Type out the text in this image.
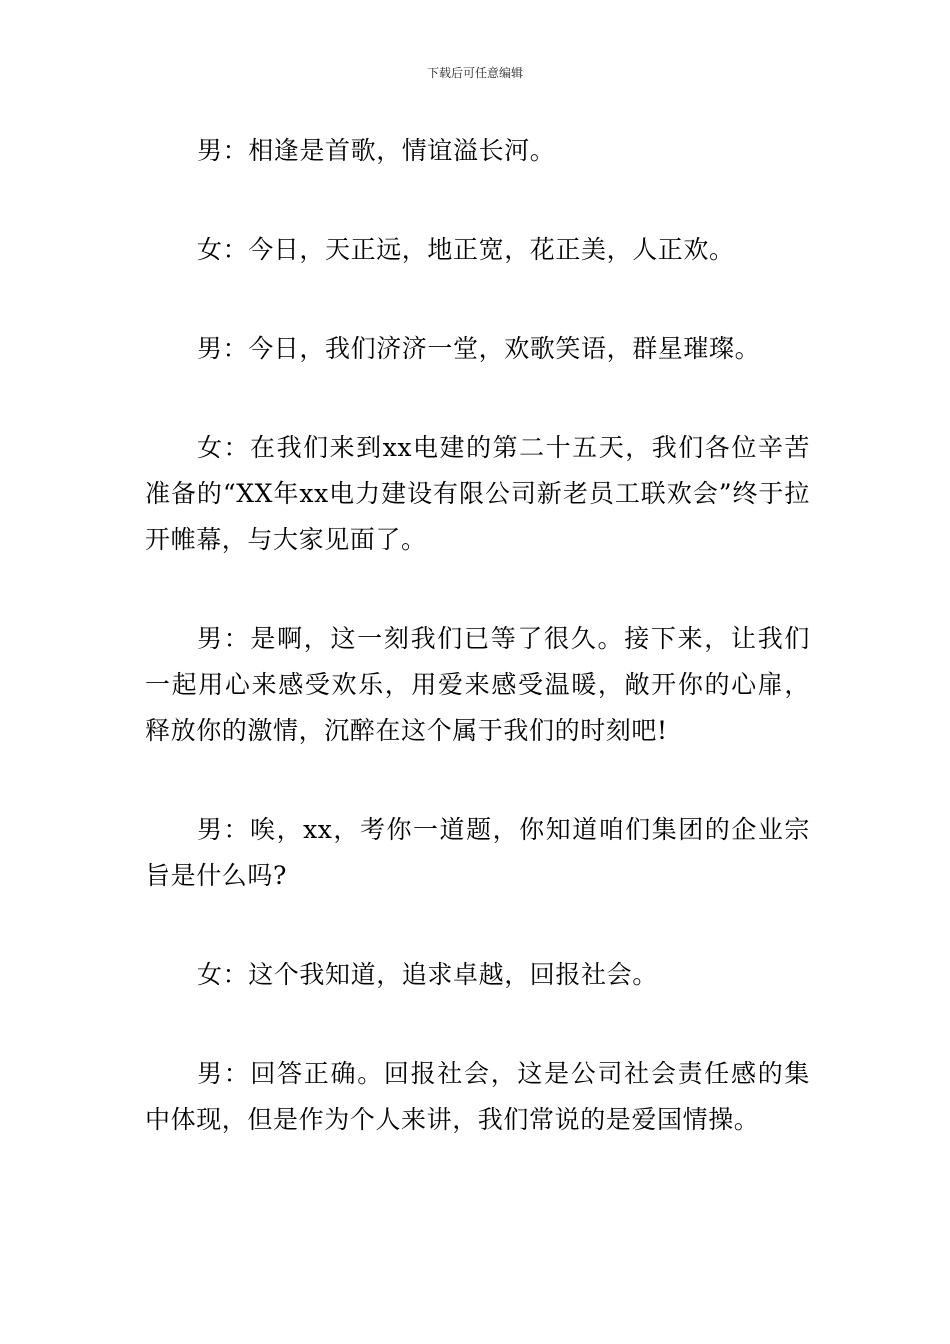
下载后可任意编辑

男：相逢是首歌，情谊溢长河。

女：今日，天正远，地正宽，花正美，人正欢。

男：今日，我们济济一堂，欢歌笑语，群星璀璨。

女：在我们来到xx电建的第二十五天，我们各位辛苦准备的“XX年xx电力建设有限公司新老员工联欢会”终于拉开帷幕，与大家见面了。

男：是啊，这一刻我们已等了很久。接下来，让我们一起用心来感受欢乐，用爱来感受温暖，敞开你的心扉，释放你的激情，沉醉在这个属于我们的时刻吧!

男：唉，xx，考你一道题，你知道咱们集团的企业宗旨是什么吗?

女：这个我知道，追求卓越，回报社会。

男：回答正确。回报社会，这是公司社会责任感的集中体现，但是作为个人来讲，我们常说的是爱国情操。
